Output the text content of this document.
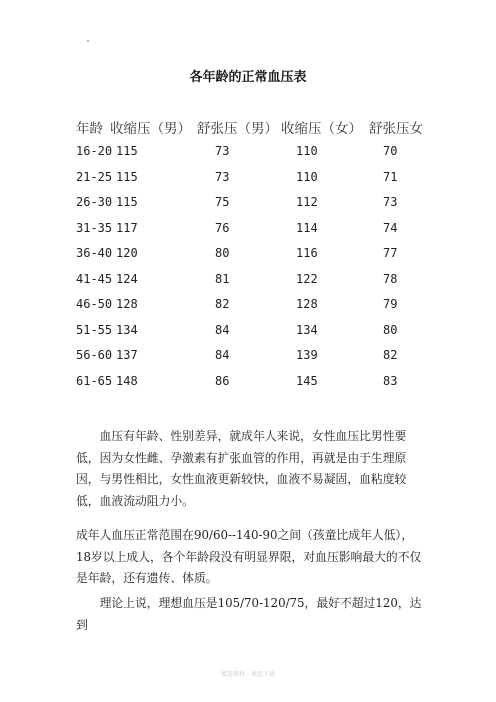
各年龄的正常血压表
年龄 收缩压（男） 舒张压（男） 收缩压（女） 舒张压女
16-20 115	73	110	70
21-25 115	73	110	71
26-30 115	75	112	73
31-35 117	76	114	74
36-40 120	80	116	77
41-45 124	81	122	78
46-50 128	82	128	79
51-55 134	84	134	80
56-60 137	84	139	82
61-65 148	86	145	83

　　血压有年龄、性别差异，就成年人来说，女性血压比男性要低，因为女性雌、孕激素有扩张血管的作用，再就是由于生理原因，与男性相比，女性血液更新较快，血液不易凝固，血粘度较低，血液流动阻力小。

成年人血压正常范围在90/60--140-90之间（孩童比成年人低），18岁以上成人，各个年龄段没有明显界限，对血压影响最大的不仅是年龄，还有遗传、体质。

　　理论上说，理想血压是105/70-120/75，最好不超过120，达到

精选资料，欢迎下载
